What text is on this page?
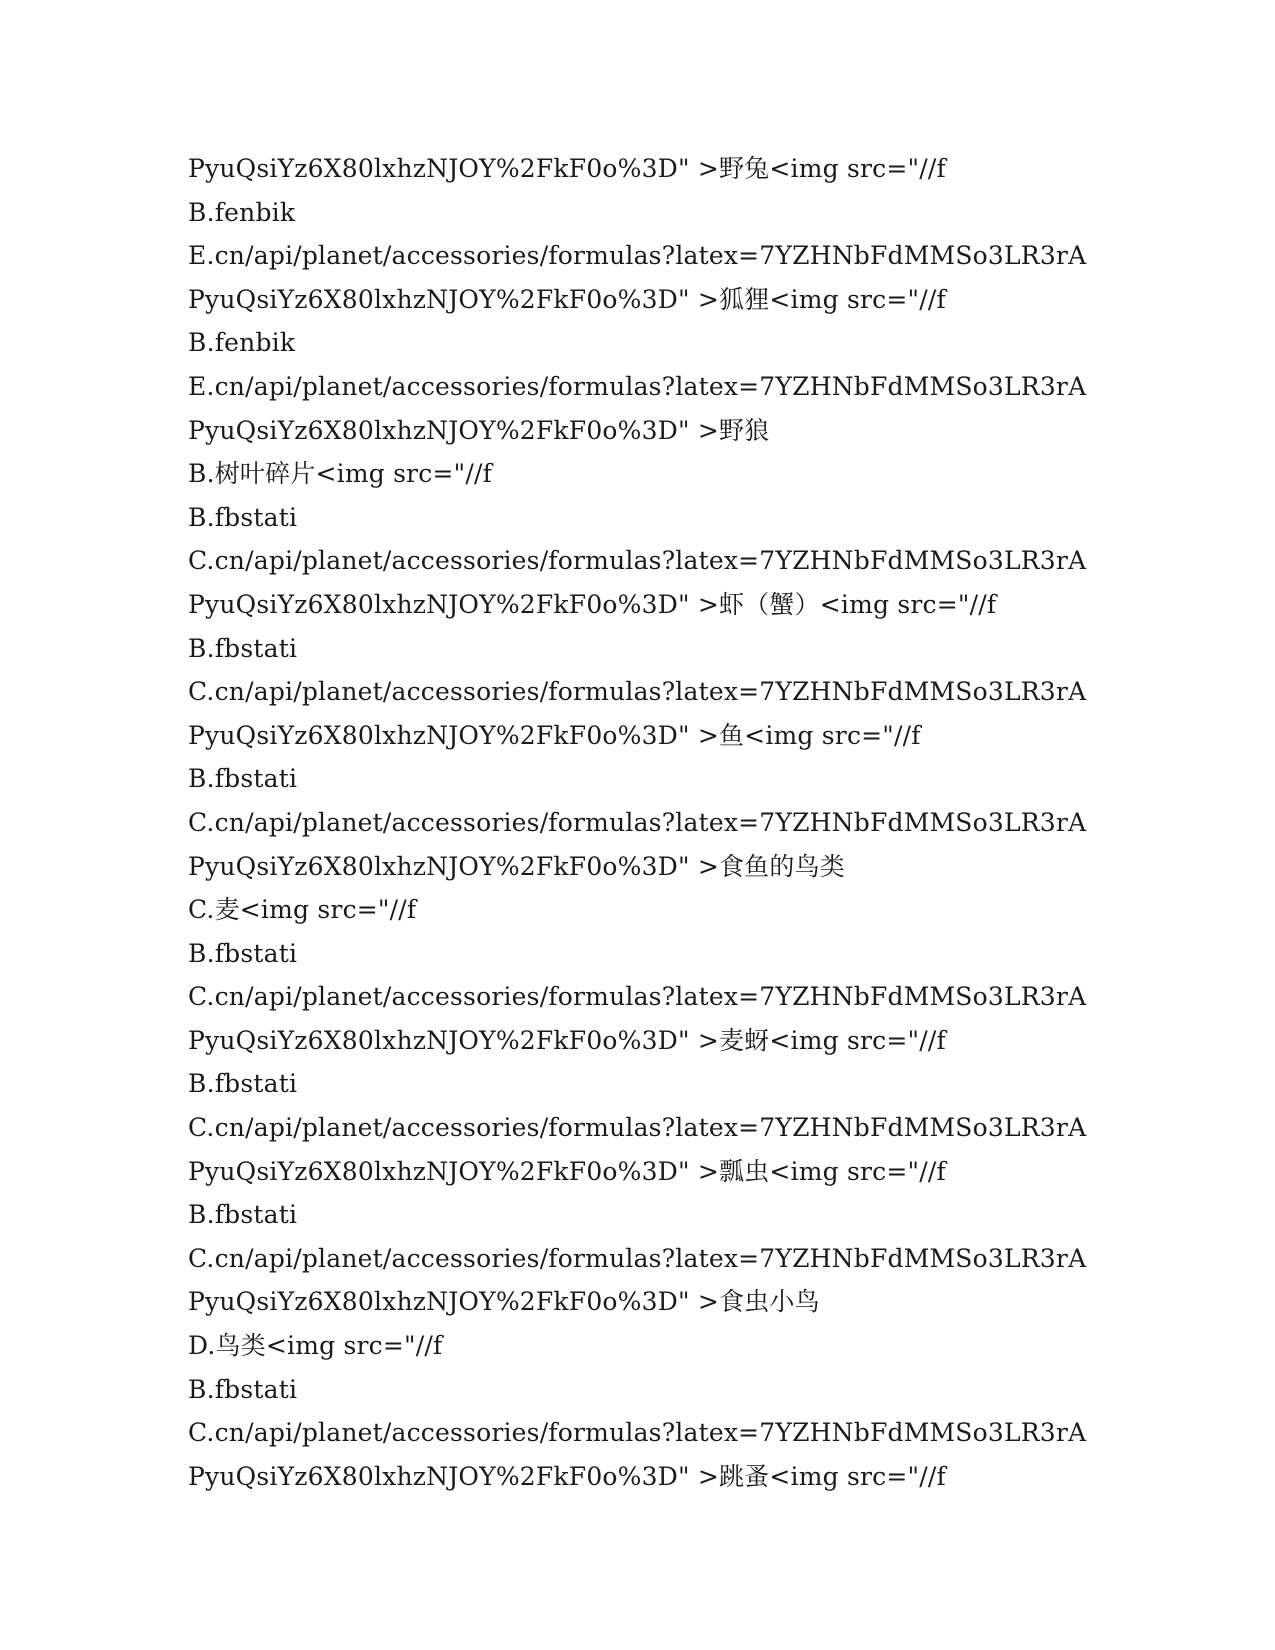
PyuQsiYz6X80lxhzNJOY%2FkF0o%3D" >野兔<img src="//f
B.fenbik
E.cn/api/planet/accessories/formulas?latex=7YZHNbFdMMSo3LR3rA
PyuQsiYz6X80lxhzNJOY%2FkF0o%3D" >狐狸<img src="//f
B.fenbik
E.cn/api/planet/accessories/formulas?latex=7YZHNbFdMMSo3LR3rA
PyuQsiYz6X80lxhzNJOY%2FkF0o%3D" >野狼
B.树叶碎片<img src="//f
B.fbstati
C.cn/api/planet/accessories/formulas?latex=7YZHNbFdMMSo3LR3rA
PyuQsiYz6X80lxhzNJOY%2FkF0o%3D" >虾（蟹）<img src="//f
B.fbstati
C.cn/api/planet/accessories/formulas?latex=7YZHNbFdMMSo3LR3rA
PyuQsiYz6X80lxhzNJOY%2FkF0o%3D" >鱼<img src="//f
B.fbstati
C.cn/api/planet/accessories/formulas?latex=7YZHNbFdMMSo3LR3rA
PyuQsiYz6X80lxhzNJOY%2FkF0o%3D" >食鱼的鸟类
C.麦<img src="//f
B.fbstati
C.cn/api/planet/accessories/formulas?latex=7YZHNbFdMMSo3LR3rA
PyuQsiYz6X80lxhzNJOY%2FkF0o%3D" >麦蚜<img src="//f
B.fbstati
C.cn/api/planet/accessories/formulas?latex=7YZHNbFdMMSo3LR3rA
PyuQsiYz6X80lxhzNJOY%2FkF0o%3D" >瓢虫<img src="//f
B.fbstati
C.cn/api/planet/accessories/formulas?latex=7YZHNbFdMMSo3LR3rA
PyuQsiYz6X80lxhzNJOY%2FkF0o%3D" >食虫小鸟
D.鸟类<img src="//f
B.fbstati
C.cn/api/planet/accessories/formulas?latex=7YZHNbFdMMSo3LR3rA
PyuQsiYz6X80lxhzNJOY%2FkF0o%3D" >跳蚤<img src="//f
